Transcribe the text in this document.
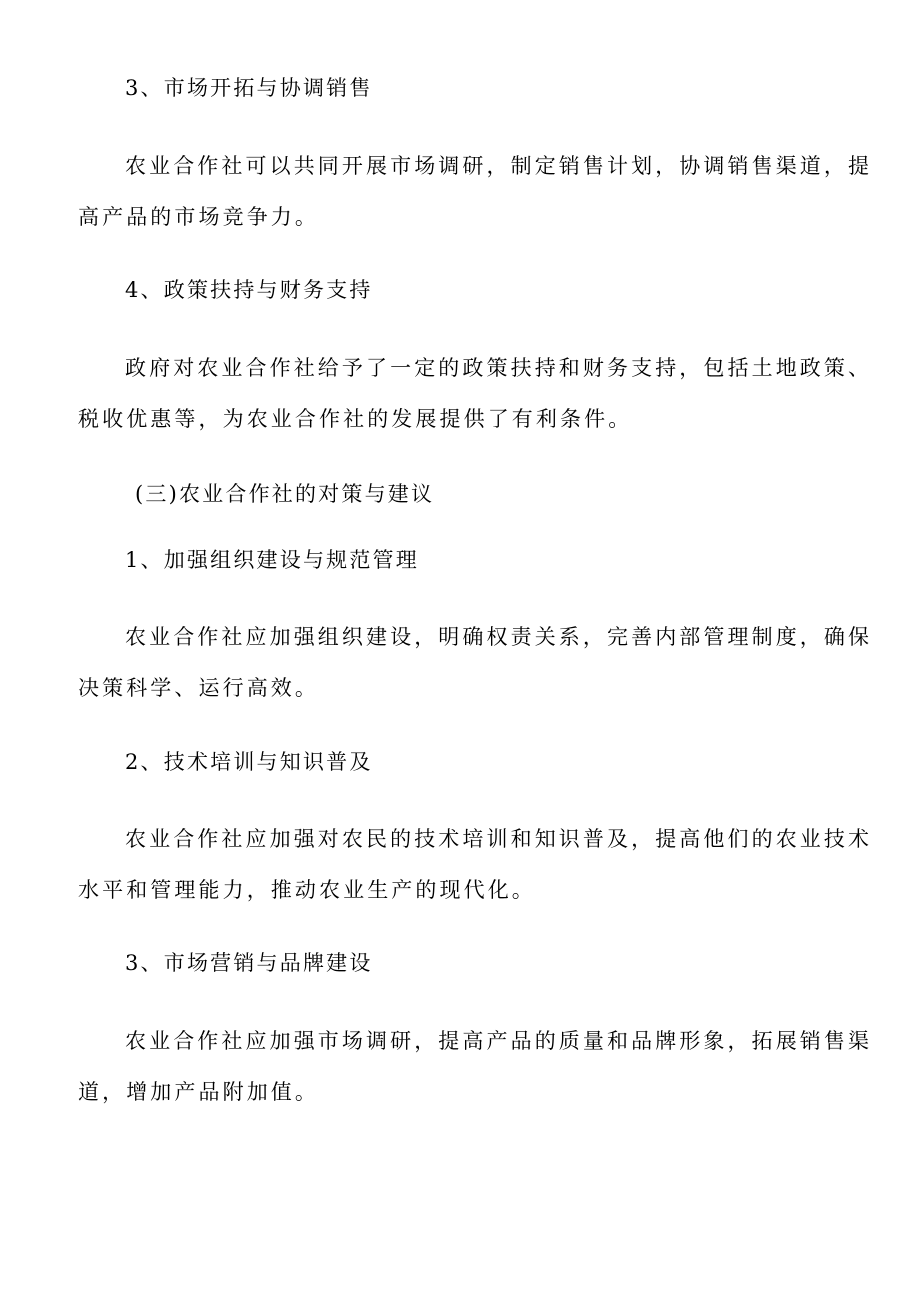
3、市场开拓与协调销售
农业合作社可以共同开展市场调研，制定销售计划，协调销售渠道，提
高产品的市场竞争力。
4、政策扶持与财务支持
政府对农业合作社给予了一定的政策扶持和财务支持，包括土地政策、
税收优惠等，为农业合作社的发展提供了有利条件。
(三)农业合作社的对策与建议
1、加强组织建设与规范管理
农业合作社应加强组织建设，明确权责关系，完善内部管理制度，确保
决策科学、运行高效。
2、技术培训与知识普及
农业合作社应加强对农民的技术培训和知识普及，提高他们的农业技术
水平和管理能力，推动农业生产的现代化。
3、市场营销与品牌建设
农业合作社应加强市场调研，提高产品的质量和品牌形象，拓展销售渠
道，增加产品附加值。
